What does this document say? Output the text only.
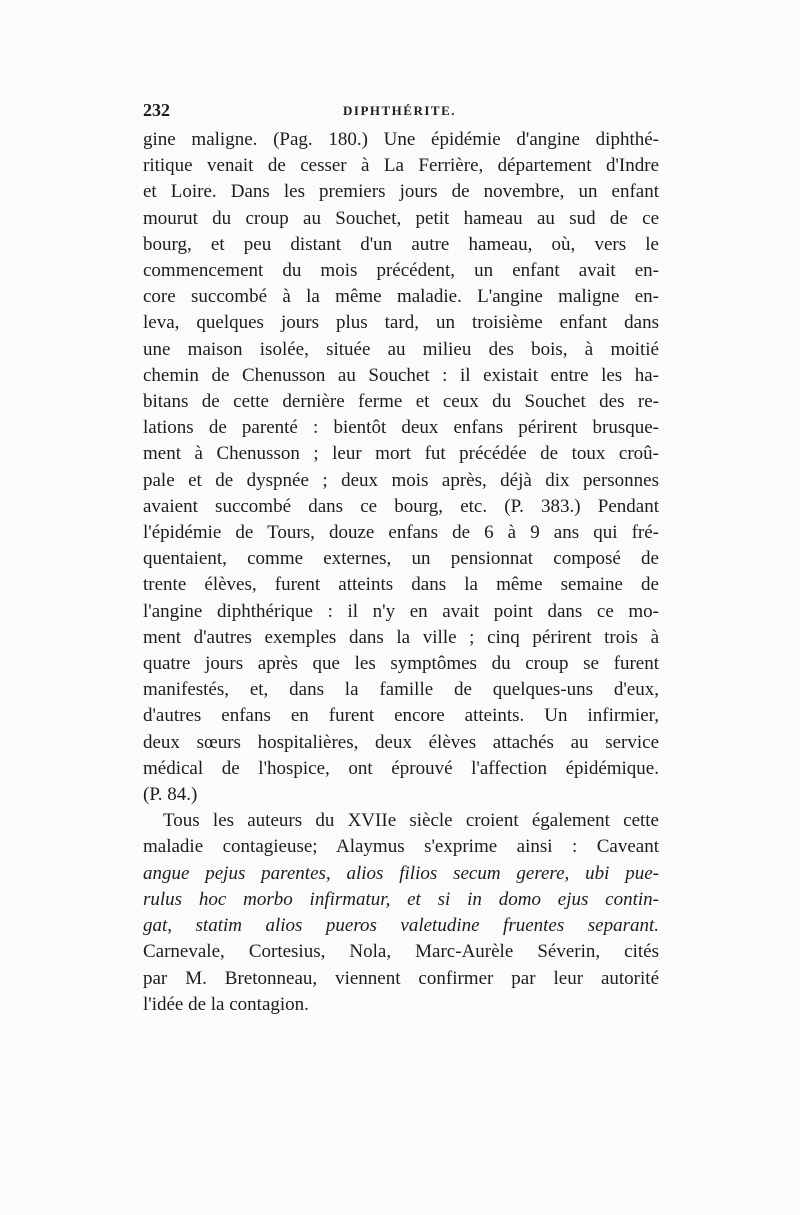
232	DIPHTHÉRITE.
gine maligne. (Pag. 180.) Une épidémie d'angine diphthé-
ritique venait de cesser à La Ferrière, département d'Indre
et Loire. Dans les premiers jours de novembre, un enfant
mourut du croup au Souchet, petit hameau au sud de ce
bourg, et peu distant d'un autre hameau, où, vers le
commencement du mois précédent, un enfant avait en-
core succombé à la même maladie. L'angine maligne en-
leva, quelques jours plus tard, un troisième enfant dans
une maison isolée, située au milieu des bois, à moitié
chemin de Chenusson au Souchet : il existait entre les ha-
bitans de cette dernière ferme et ceux du Souchet des re-
lations de parenté : bientôt deux enfans périrent brusque-
ment à Chenusson ; leur mort fut précédée de toux croû-
pale et de dyspnée ; deux mois après, déjà dix personnes
avaient succombé dans ce bourg, etc. (P. 383.) Pendant
l'épidémie de Tours, douze enfans de 6 à 9 ans qui fré-
quentaient, comme externes, un pensionnat composé de
trente élèves, furent atteints dans la même semaine de
l'angine diphthérique : il n'y en avait point dans ce mo-
ment d'autres exemples dans la ville ; cinq périrent trois à
quatre jours après que les symptômes du croup se furent
manifestés, et, dans la famille de quelques-uns d'eux,
d'autres enfans en furent encore atteints. Un infirmier,
deux sœurs hospitalières, deux élèves attachés au service
médical de l'hospice, ont éprouvé l'affection épidémique.
(P. 84.)
Tous les auteurs du XVIIe siècle croient également cette
maladie contagieuse; Alaymus s'exprime ainsi : Caveant
angue pejus parentes, alios filios secum gerere, ubi pue-
rulus hoc morbo infirmatur, et si in domo ejus contin-
gat, statim alios pueros valetudine fruentes separant.
Carnevale, Cortesius, Nola, Marc-Aurèle Séverin, cités
par M. Bretonneau, viennent confirmer par leur autorité
l'idée de la contagion.
